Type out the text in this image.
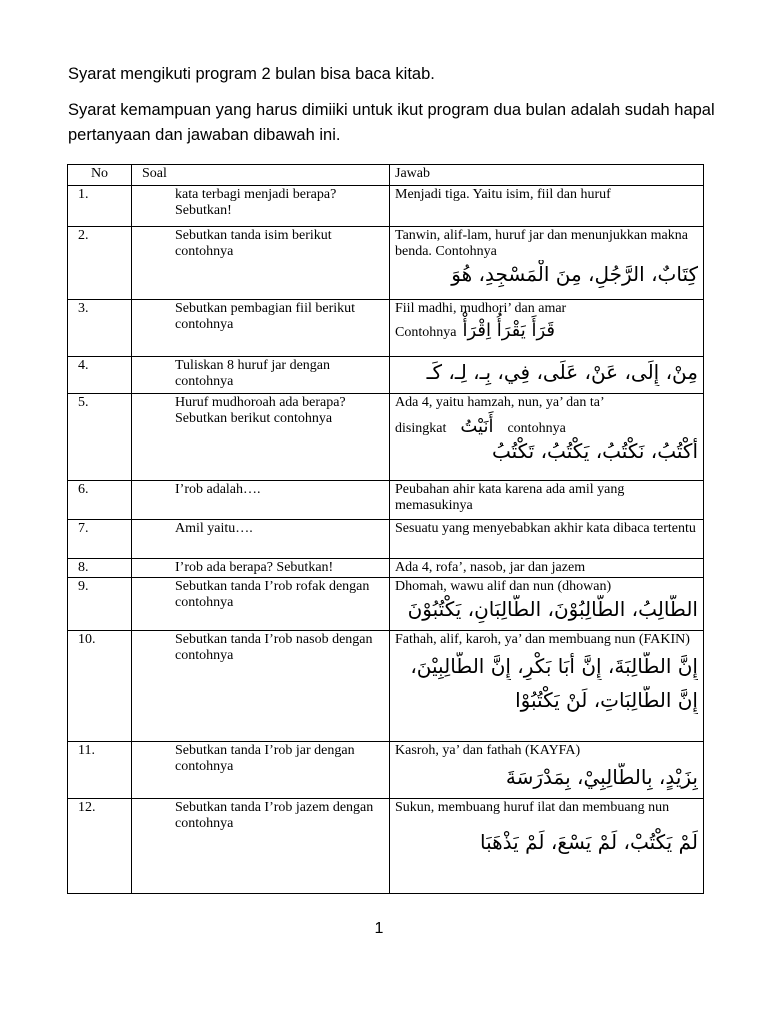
Syarat mengikuti program 2 bulan bisa baca kitab.
Syarat kemampuan yang harus dimiiki untuk ikut program dua bulan adalah sudah hapal pertanyaan dan jawaban dibawah ini.
No	Soal	Jawab
1.	kata terbagi menjadi berapa? Sebutkan!	Menjadi tiga. Yaitu isim, fiil dan huruf
2.	Sebutkan tanda isim berikut contohnya	Tanwin, alif-lam, huruf jar dan menunjukkan makna benda. Contohnya
كِتَابٌ، الرَّجُلِ، مِنَ الْمَسْجِدِ، هُوَ

3.	Sebutkan pembagian fiil berikut contohnya	Fiil madhi, mudhori’ dan amar
Contohnya قَرَأَ يَقْرَأُ اِقْرَأْ

4.	Tuliskan 8 huruf jar dengan contohnya	مِنْ، إِلَى، عَنْ، عَلَى، فِي، بِـ، لِـ، كَـ

5.	Huruf mudhoroah ada berapa? Sebutkan berikut contohnya	Ada 4, yaitu hamzah, nun, ya’ dan ta’
disingkat أَنَيْتُ contohnya
أَكْتُبُ، نَكْتُبُ، يَكْتُبُ، تَكْتُبُ

6.	I’rob adalah….	Peubahan ahir kata karena ada amil yang memasukinya
7.	Amil yaitu….	Sesuatu yang menyebabkan akhir kata dibaca tertentu
8.	I’rob ada berapa? Sebutkan!	Ada 4, rofa’, nasob, jar dan jazem
9.	Sebutkan tanda I’rob rofak dengan contohnya	Dhomah, wawu alif dan nun (dhowan)
الطَّالِبُ، الطَّالِبُوْنَ، الطَّالِبَانِ، يَكْتُبُوْنَ

10.	Sebutkan tanda I’rob nasob dengan contohnya	Fathah, alif, karoh, ya’ dan membuang nun (FAKIN)
إِنَّ الطَّالِبَةَ، إِنَّ أَبَا بَكْرٍ، إِنَّ الطَّالِبِيْنَ،
إِنَّ الطَّالِبَاتِ، لَنْ يَكْتُبُوْا

11.	Sebutkan tanda I’rob jar dengan contohnya	Kasroh, ya’ dan fathah (KAYFA)
بِزَيْدٍ، بِالطَّالِبِيْ، بِمَدْرَسَةَ

12.	Sebutkan tanda I’rob jazem dengan contohnya	Sukun, membuang huruf ilat dan membuang nun
لَمْ يَكْتُبْ، لَمْ يَسْعَ، لَمْ يَذْهَبَا
1
